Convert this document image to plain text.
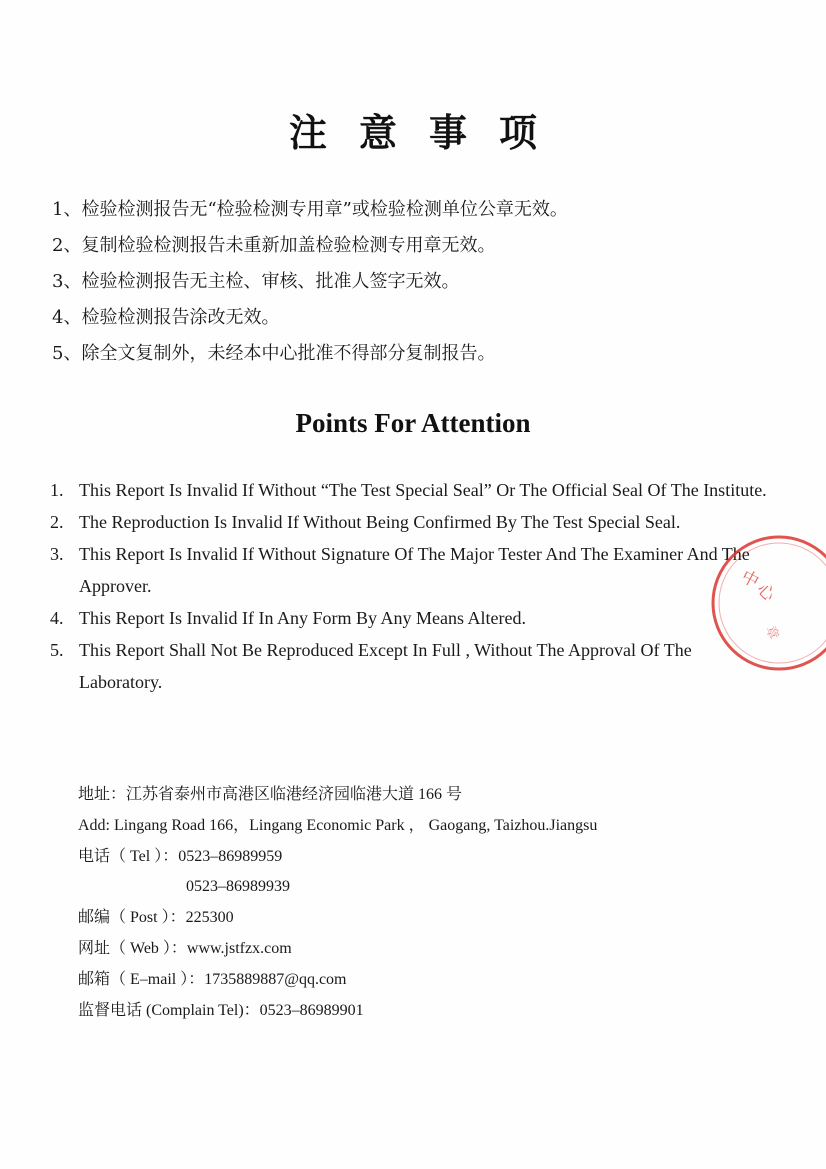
注意事项
1、检验检测报告无“检验检测专用章”或检验检测单位公章无效。
2、复制检验检测报告未重新加盖检验检测专用章无效。
3、检验检测报告无主检、审核、批准人签字无效。
4、检验检测报告涂改无效。
5、除全文复制外，未经本中心批准不得部分复制报告。
Points For Attention

1. This Report Is Invalid If Without “The Test Special Seal” Or The Official Seal Of The Institute.

2. The Reproduction Is Invalid If Without Being Confirmed By The Test Special Seal.

3. This Report Is Invalid If Without Signature Of The Major Tester And The Examiner And The Approver.

4. This Report Is Invalid If In Any Form By Any Means Altered.

5. This Report Shall Not Be Reproduced Except In Full , Without The Approval Of The Laboratory.

地址：江苏省泰州市高港区临港经济园临港大道 166 号
Add: Lingang Road 166，Lingang Economic Park ， Gaogang, Taizhou.Jiangsu
电话（ Tel ）：0523–86989959
0523–86989939
邮编（ Post ）：225300
网址（ Web ）：www.jstfzx.com
邮箱（ E–mail ）：1735889887@qq.com
监督电话 (Complain Tel)：0523–86989901
中
心
章
